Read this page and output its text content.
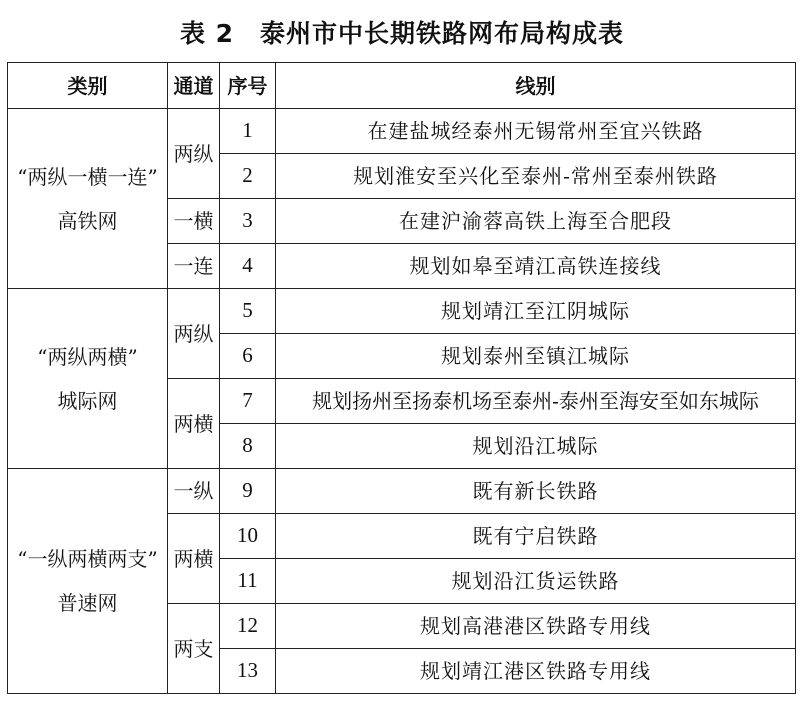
表 2　泰州市中长期铁路网布局构成表
类别	通道	序号	线别

“两纵一横一连”
高铁网	两纵	1	在建盐城经泰州无锡常州至宜兴铁路
		2	规划淮安至兴化至泰州-常州至泰州铁路
	一横	3	在建沪渝蓉高铁上海至合肥段
	一连	4	规划如皋至靖江高铁连接线

“两纵两横”
城际网	两纵	5	规划靖江至江阴城际
		6	规划泰州至镇江城际
	两横	7	规划扬州至扬泰机场至泰州-泰州至海安至如东城际
		8	规划沿江城际

“一纵两横两支”
普速网	一纵	9	既有新长铁路
	两横	10	既有宁启铁路
		11	规划沿江货运铁路
	两支	12	规划高港港区铁路专用线
		13	规划靖江港区铁路专用线
